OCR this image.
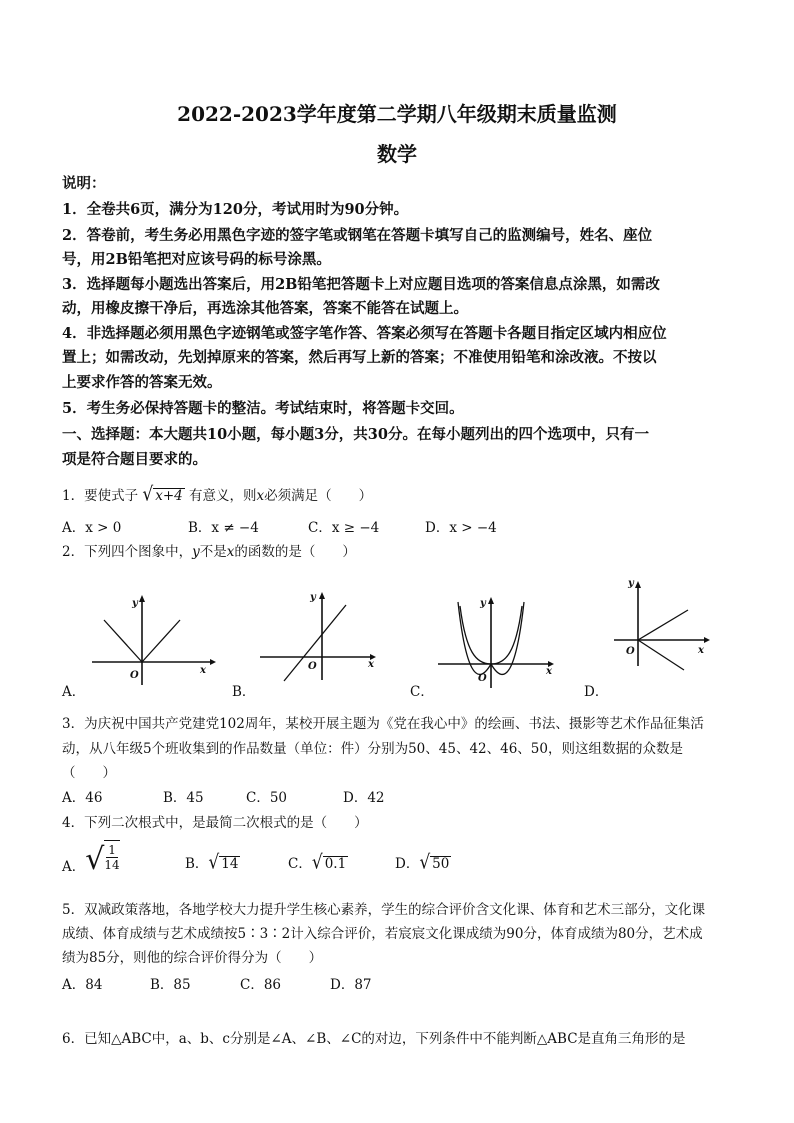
2022-2023学年度第二学期八年级期末质量监测
数学
说明：
1．全卷共6页，满分为120分，考试用时为90分钟。
2．答卷前，考生务必用黑色字迹的签字笔或钢笔在答题卡填写自己的监测编号，姓名、座位
号，用2B铅笔把对应该号码的标号涂黑。
3．选择题每小题选出答案后，用2B铅笔把答题卡上对应题目选项的答案信息点涂黑，如需改
动，用橡皮擦干净后，再选涂其他答案，答案不能答在试题上。
4．非选择题必须用黑色字迹钢笔或签字笔作答、答案必须写在答题卡各题目指定区域内相应位
置上；如需改动，先划掉原来的答案，然后再写上新的答案；不准使用铅笔和涂改液。不按以
上要求作答的答案无效。
5．考生务必保持答题卡的整洁。考试结束时，将答题卡交回。
一、选择题：本大题共10小题，每小题3分，共30分。在每小题列出的四个选项中，只有一
项是符合题目要求的。
1．要使式子 √ x+4 有意义，则x必须满足（　　）
A．x > 0	B．x ≠ −4	C．x ≥ −4	D．x > −4
2．下列四个图象中，y不是x的函数的是（　　）
y
x
O
A．
y
x
O
B．
y
x
O
C．
y
x
O
D．
3．为庆祝中国共产党建党102周年，某校开展主题为《党在我心中》的绘画、书法、摄影等艺术作品征集活
动，从八年级5个班收集到的作品数量（单位：件）分别为50、45、42、46、50，则这组数据的众数是
（　　）
A．46	B．45	C．50	D．42
4．下列二次根式中，是最简二次根式的是（　　）
A． √ $\frac{1}{14}$	B． √ 14	C． √ 0.1	D． √ 50
5．双减政策落地，各地学校大力提升学生核心素养，学生的综合评价含文化课、体育和艺术三部分，文化课
成绩、体育成绩与艺术成绩按5∶3∶2计入综合评价，若宸宸文化课成绩为90分，体育成绩为80分，艺术成
绩为85分，则他的综合评价得分为（　　）
A．84	B．85	C．86	D．87
6．已知△ABC中，a、b、c分别是∠A、∠B、∠C的对边，下列条件中不能判断△ABC是直角三角形的是
